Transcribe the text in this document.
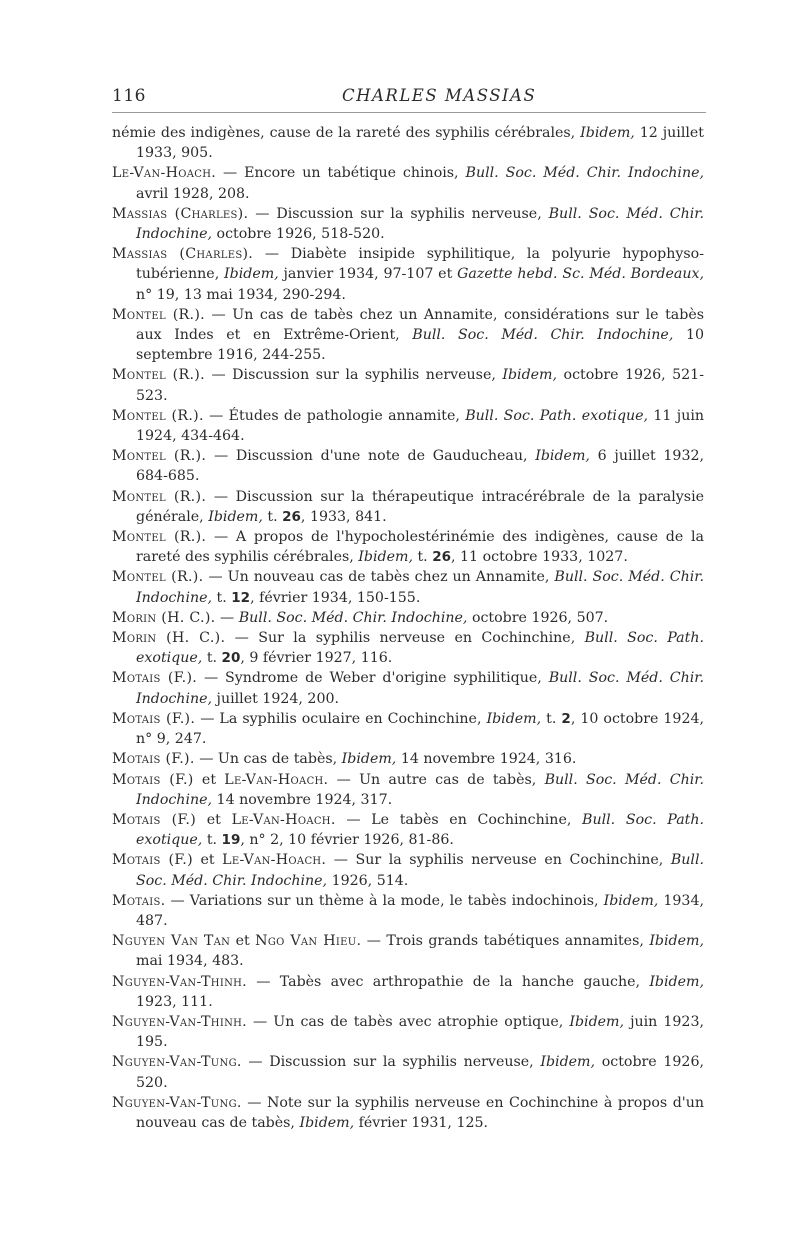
116	CHARLES MASSIAS

némie des indigènes, cause de la rareté des syphilis cérébrales, Ibidem, 12 juillet 1933, 905.

Le-Van-Hoach. — Encore un tabétique chinois, Bull. Soc. Méd. Chir. Indochine, avril 1928, 208.

Massias (Charles). — Discussion sur la syphilis nerveuse, Bull. Soc. Méd. Chir. Indochine, octobre 1926, 518-520.

Massias (Charles). — Diabète insipide syphilitique, la polyurie hypophyso-tubérienne, Ibidem, janvier 1934, 97-107 et Gazette hebd. Sc. Méd. Bordeaux, n° 19, 13 mai 1934, 290-294.

Montel (R.). — Un cas de tabès chez un Annamite, considérations sur le tabès aux Indes et en Extrême-Orient, Bull. Soc. Méd. Chir. Indochine, 10 septembre 1916, 244-255.

Montel (R.). — Discussion sur la syphilis nerveuse, Ibidem, octobre 1926, 521-523.

Montel (R.). — Études de pathologie annamite, Bull. Soc. Path. exotique, 11 juin 1924, 434-464.

Montel (R.). — Discussion d'une note de Gauducheau, Ibidem, 6 juillet 1932, 684-685.

Montel (R.). — Discussion sur la thérapeutique intracérébrale de la paralysie générale, Ibidem, t. 26, 1933, 841.

Montel (R.). — A propos de l'hypocholestérinémie des indigènes, cause de la rareté des syphilis cérébrales, Ibidem, t. 26, 11 octobre 1933, 1027.

Montel (R.). — Un nouveau cas de tabès chez un Annamite, Bull. Soc. Méd. Chir. Indochine, t. 12, février 1934, 150-155.

Morin (H. C.). — Bull. Soc. Méd. Chir. Indochine, octobre 1926, 507.

Morin (H. C.). — Sur la syphilis nerveuse en Cochinchine, Bull. Soc. Path. exotique, t. 20, 9 février 1927, 116.

Motais (F.). — Syndrome de Weber d'origine syphilitique, Bull. Soc. Méd. Chir. Indochine, juillet 1924, 200.

Motais (F.). — La syphilis oculaire en Cochinchine, Ibidem, t. 2, 10 octobre 1924, n° 9, 247.

Motais (F.). — Un cas de tabès, Ibidem, 14 novembre 1924, 316.

Motais (F.) et Le-Van-Hoach. — Un autre cas de tabès, Bull. Soc. Méd. Chir. Indochine, 14 novembre 1924, 317.

Motais (F.) et Le-Van-Hoach. — Le tabès en Cochinchine, Bull. Soc. Path. exotique, t. 19, n° 2, 10 février 1926, 81-86.

Motais (F.) et Le-Van-Hoach. — Sur la syphilis nerveuse en Cochinchine, Bull. Soc. Méd. Chir. Indochine, 1926, 514.

Motais. — Variations sur un thème à la mode, le tabès indochinois, Ibidem, 1934, 487.

Nguyen Van Tan et Ngo Van Hieu. — Trois grands tabétiques annamites, Ibidem, mai 1934, 483.

Nguyen-Van-Thinh. — Tabès avec arthropathie de la hanche gauche, Ibidem, 1923, 111.

Nguyen-Van-Thinh. — Un cas de tabès avec atrophie optique, Ibidem, juin 1923, 195.

Nguyen-Van-Tung. — Discussion sur la syphilis nerveuse, Ibidem, octobre 1926, 520.

Nguyen-Van-Tung. — Note sur la syphilis nerveuse en Cochinchine à propos d'un nouveau cas de tabès, Ibidem, février 1931, 125.
